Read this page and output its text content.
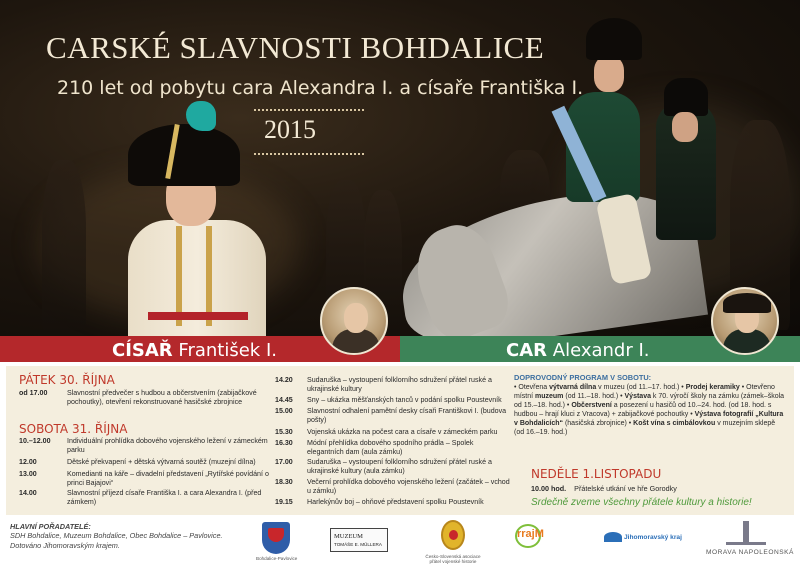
CARSKÉ SLAVNOSTI BOHDALICE
210 let od pobytu cara Alexandra I. a císaře Františka I.
2015
CÍSAŘ František I.	CAR Alexandr I.
PÁTEK 30. ŘÍJNA
od 17.00	Slavnostní předvečer s hudbou a občerstvením (zabijačkové pochoutky), otevření rekonstruované hasičské zbrojnice
SOBOTA 31. ŘÍJNA
10.–12.00 Individuální prohlídka dobového vojenského ležení v zámeckém parku
12.00	Dětské překvapení + dětská výtvarná soutěž (muzejní dílna)
13.00	Komedianti na káře – divadelní představení „Rytířské povídání o princi Bajajovi“
14.00	Slavnostní příjezd císaře Františka I. a cara Alexandra I. (před zámkem)
14.20 Sudaruška – vystoupení folklorního sdružení přátel ruské a ukrajinské kultury
14.45 Sny – ukázka měšťanských tanců v podání spolku Poustevník
15.00 Slavnostní odhalení pamětní desky císaři Františkovi I. (budova pošty)
15.30 Vojenská ukázka na počest cara a císaře v zámeckém parku
16.30 Módní přehlídka dobového spodního prádla – Spolek elegantních dam (aula zámku)
17.00 Sudaruška – vystoupení folklorního sdružení přátel ruské a ukrajinské kultury (aula zámku)
18.30 Večerní prohlídka dobového vojenského ležení (začátek – vchod u zámku)
19.15 Harlekýnův boj – ohňové představení spolku Poustevník
DOPROVODNÝ PROGRAM V SOBOTU:
• Otevřena výtvarná dílna v muzeu (od 11.–17. hod.) • Prodej keramiky • Otevřeno místní muzeum (od 11.–18. hod.) • Výstava k 70. výročí školy na zámku (zámek–škola od 15.–18. hod.) • Občerstvení a posezení u hasičů od 10.–24. hod. (od 18. hod. s hudbou – hrají kluci z Vracova) + zabijačkové pochoutky • Výstava fotografií „Kultura v Bohdalicích“ (hasičská zbrojnice) • Košt vína s cimbálovkou v muzejním sklepě (od 16.–19. hod.)
NEDĚLE 1.LISTOPADU
10.00 hod. Přátelské utkání ve hře Gorodky
Srdečně zveme všechny přátele kultury a historie!
HLAVNÍ POŘADATELÉ:
SDH Bohdalice, Muzeum Bohdalice, Obec Bohdalice – Pavlovice.
Dotováno Jihomoravským krajem.
Bohdalice-Pavlovice
MUZEUM
TOMÁŠE E. MÜLLERA
Česko-Slovenská asociace přátel vojenské historie
rrajM	Jihomoravský kraj
MORAVA NAPOLEONSKÁ
